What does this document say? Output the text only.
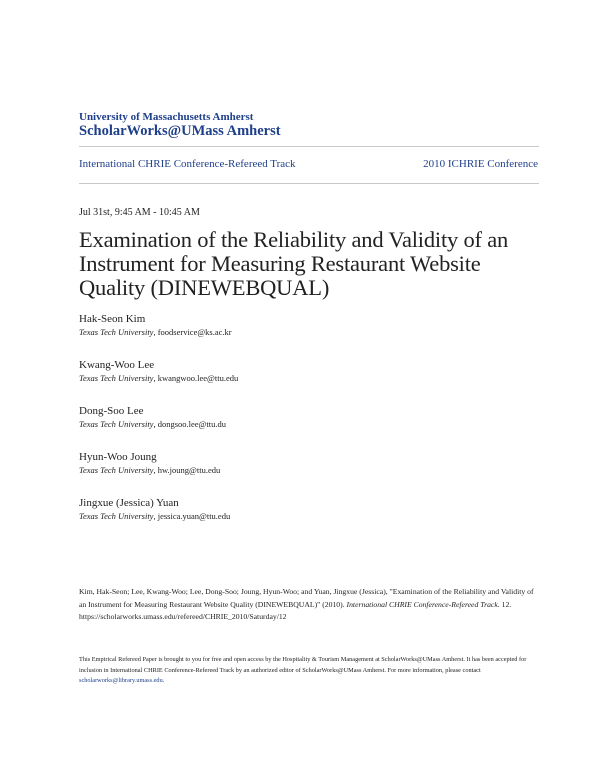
University of Massachusetts Amherst
ScholarWorks@UMass Amherst
International CHRIE Conference-Refereed Track	2010 ICHRIE Conference
Jul 31st, 9:45 AM - 10:45 AM
Examination of the Reliability and Validity of an Instrument for Measuring Restaurant Website Quality (DINEWEBQUAL)
Hak-Seon Kim
Texas Tech University, foodservice@ks.ac.kr
Kwang-Woo Lee
Texas Tech University, kwangwoo.lee@ttu.edu
Dong-Soo Lee
Texas Tech University, dongsoo.lee@ttu.du
Hyun-Woo Joung
Texas Tech University, hw.joung@ttu.edu
Jingxue (Jessica) Yuan
Texas Tech University, jessica.yuan@ttu.edu
Kim, Hak-Seon; Lee, Kwang-Woo; Lee, Dong-Soo; Joung, Hyun-Woo; and Yuan, Jingxue (Jessica), "Examination of the Reliability and Validity of an Instrument for Measuring Restaurant Website Quality (DINEWEBQUAL)" (2010). International CHRIE Conference-Refereed Track. 12.
https://scholarworks.umass.edu/refereed/CHRIE_2010/Saturday/12
This Empirical Refereed Paper is brought to you for free and open access by the Hospitality & Tourism Management at ScholarWorks@UMass Amherst. It has been accepted for inclusion in International CHRIE Conference-Refereed Track by an authorized editor of ScholarWorks@UMass Amherst. For more information, please contact scholarworks@library.umass.edu.
